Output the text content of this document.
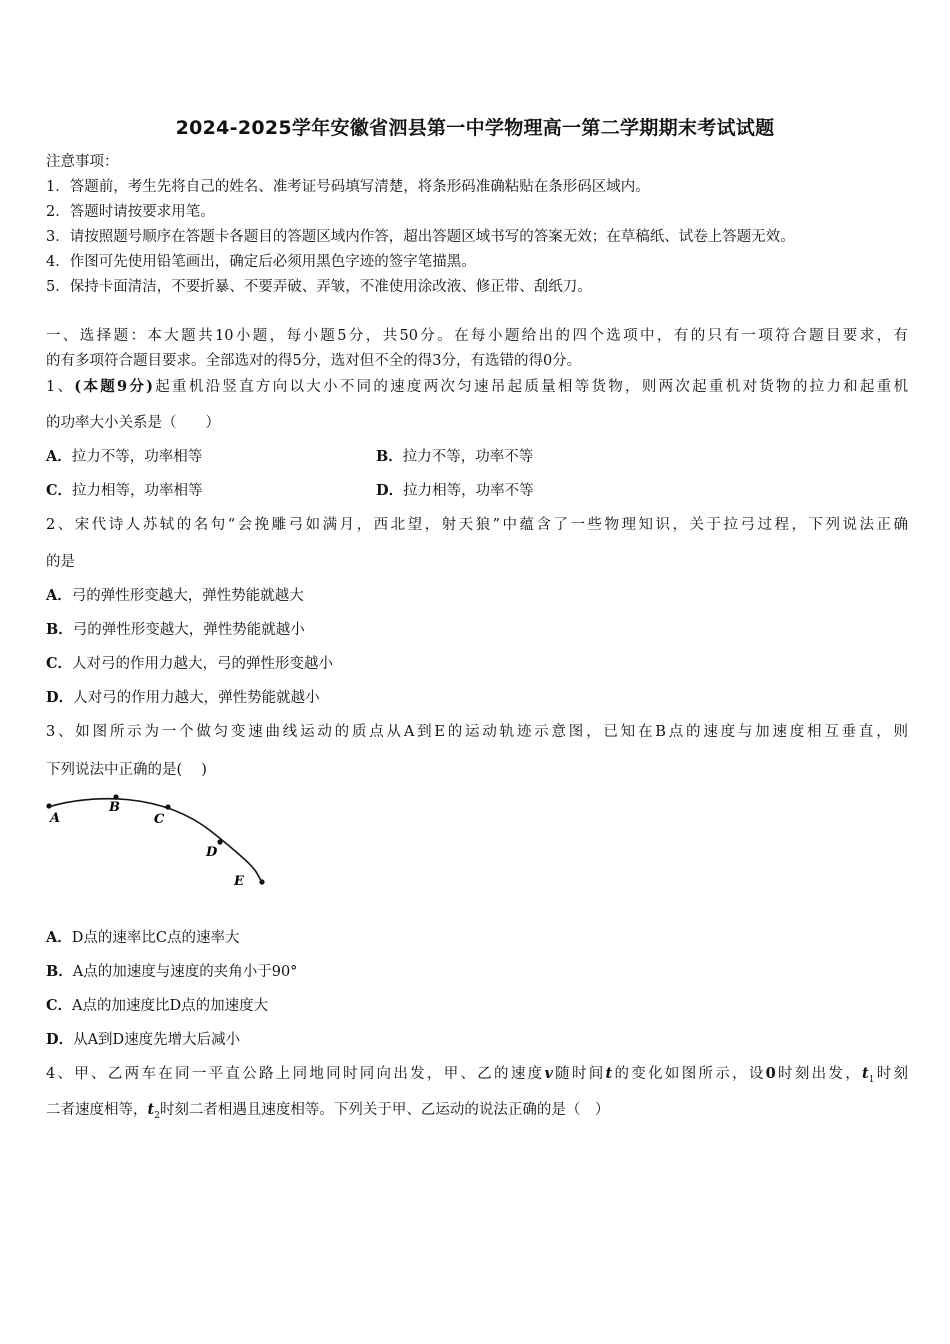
2024-2025学年安徽省泗县第一中学物理高一第二学期期末考试试题
注意事项：
1．答题前，考生先将自己的姓名、准考证号码填写清楚，将条形码准确粘贴在条形码区域内。
2．答题时请按要求用笔。
3．请按照题号顺序在答题卡各题目的答题区域内作答，超出答题区域书写的答案无效；在草稿纸、试卷上答题无效。
4．作图可先使用铅笔画出，确定后必须用黑色字迹的签字笔描黑。
5．保持卡面清洁，不要折暴、不要弄破、弄皱，不准使用涂改液、修正带、刮纸刀。
一、选择题：本大题共10小题，每小题5分，共50分。在每小题给出的四个选项中，有的只有一项符合题目要求，有
的有多项符合题目要求。全部选对的得5分，选对但不全的得3分，有选错的得0分。
1、(本题9分)起重机沿竖直方向以大小不同的速度两次匀速吊起质量相等货物，则两次起重机对货物的拉力和起重机
的功率大小关系是（　　）
A．拉力不等，功率相等	B．拉力不等，功率不等
C．拉力相等，功率相等	D．拉力相等，功率不等
2、宋代诗人苏轼的名句“会挽雕弓如满月，西北望，射天狼”中蕴含了一些物理知识，关于拉弓过程，下列说法正确
的是
A．弓的弹性形变越大，弹性势能就越大
B．弓的弹性形变越大，弹性势能就越小
C．人对弓的作用力越大，弓的弹性形变越小
D．人对弓的作用力越大，弹性势能就越小
3、如图所示为一个做匀变速曲线运动的质点从A到E的运动轨迹示意图，已知在B点的速度与加速度相互垂直，则
下列说法中正确的是(　 )
A
B
C
D
E
A．D点的速率比C点的速率大
B．A点的加速度与速度的夹角小于90°
C．A点的加速度比D点的加速度大
D．从A到D速度先增大后减小
4、甲、乙两车在同一平直公路上同地同时同向出发，甲、乙的速度v随时间t的变化如图所示，设0时刻出发，$t_1$时刻
二者速度相等，$t_2$时刻二者相遇且速度相等。下列关于甲、乙运动的说法正确的是（　）
